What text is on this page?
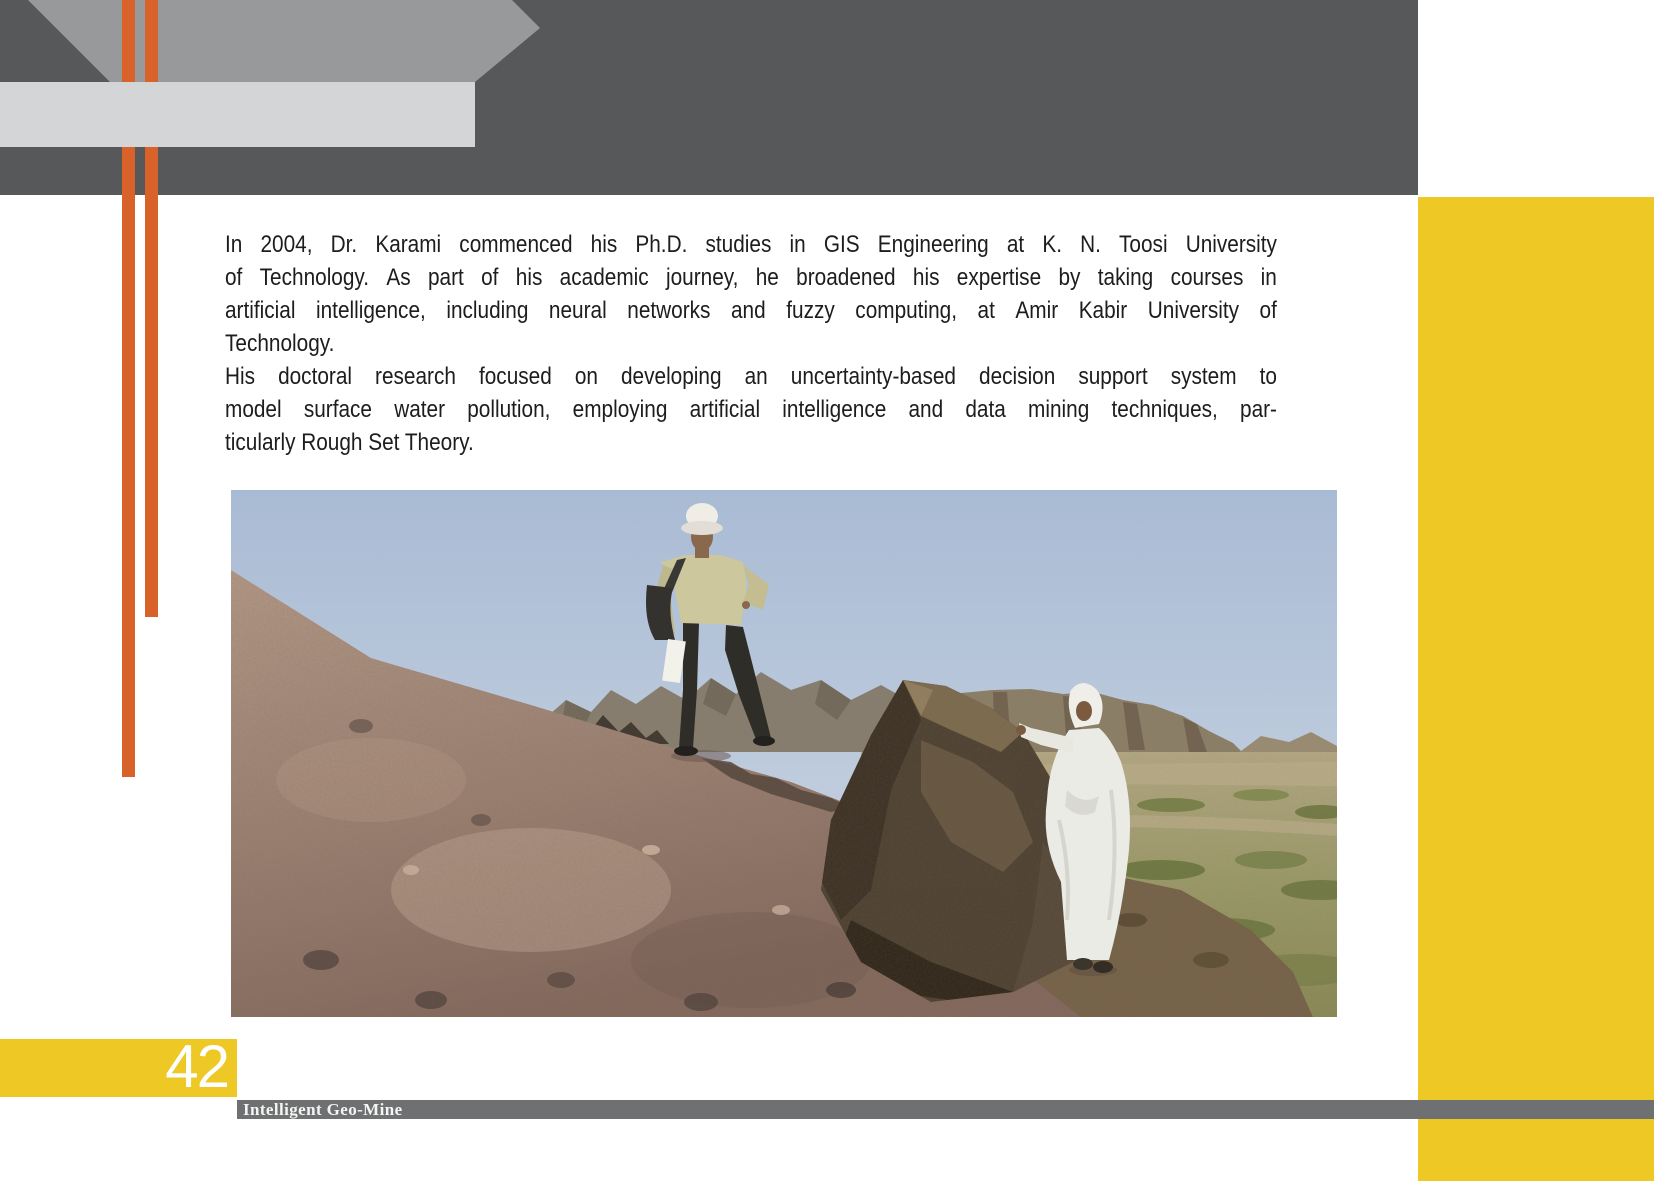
In 2004, Dr. Karami commenced his Ph.D. studies in GIS Engineering at K. N. Toosi University
of Technology. As part of his academic journey, he broadened his expertise by taking courses in
artificial intelligence, including neural networks and fuzzy computing, at Amir Kabir University of
Technology.
His doctoral research focused on developing an uncertainty-based decision support system to
model surface water pollution, employing artificial intelligence and data mining techniques, par-
ticularly Rough Set Theory.
42
Intelligent Geo-Mine
